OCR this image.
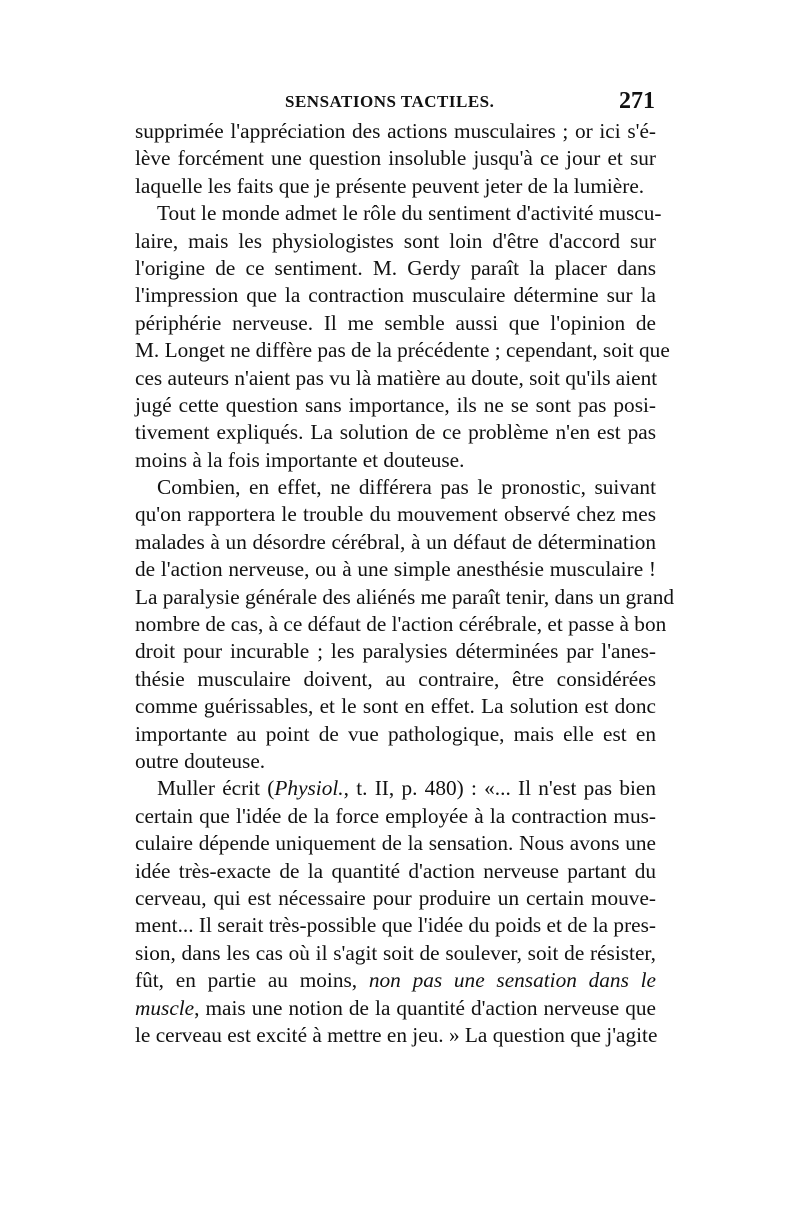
SENSATIONS TACTILES.	271
supprimée l'appréciation des actions musculaires ; or ici s'é-
lève forcément une question insoluble jusqu'à ce jour et sur
laquelle les faits que je présente peuvent jeter de la lumière.
Tout le monde admet le rôle du sentiment d'activité muscu-
laire, mais les physiologistes sont loin d'être d'accord sur
l'origine de ce sentiment. M. Gerdy paraît la placer dans
l'impression que la contraction musculaire détermine sur la
périphérie nerveuse. Il me semble aussi que l'opinion de
M. Longet ne diffère pas de la précédente ; cependant, soit que
ces auteurs n'aient pas vu là matière au doute, soit qu'ils aient
jugé cette question sans importance, ils ne se sont pas posi-
tivement expliqués. La solution de ce problème n'en est pas
moins à la fois importante et douteuse.
Combien, en effet, ne différera pas le pronostic, suivant
qu'on rapportera le trouble du mouvement observé chez mes
malades à un désordre cérébral, à un défaut de détermination
de l'action nerveuse, ou à une simple anesthésie musculaire !
La paralysie générale des aliénés me paraît tenir, dans un grand
nombre de cas, à ce défaut de l'action cérébrale, et passe à bon
droit pour incurable ; les paralysies déterminées par l'anes-
thésie musculaire doivent, au contraire, être considérées
comme guérissables, et le sont en effet. La solution est donc
importante au point de vue pathologique, mais elle est en
outre douteuse.
Muller écrit (Physiol., t. II, p. 480) : «... Il n'est pas bien
certain que l'idée de la force employée à la contraction mus-
culaire dépende uniquement de la sensation. Nous avons une
idée très-exacte de la quantité d'action nerveuse partant du
cerveau, qui est nécessaire pour produire un certain mouve-
ment... Il serait très-possible que l'idée du poids et de la pres-
sion, dans les cas où il s'agit soit de soulever, soit de résister,
fût, en partie au moins, non pas une sensation dans le
muscle, mais une notion de la quantité d'action nerveuse que
le cerveau est excité à mettre en jeu. » La question que j'agite
